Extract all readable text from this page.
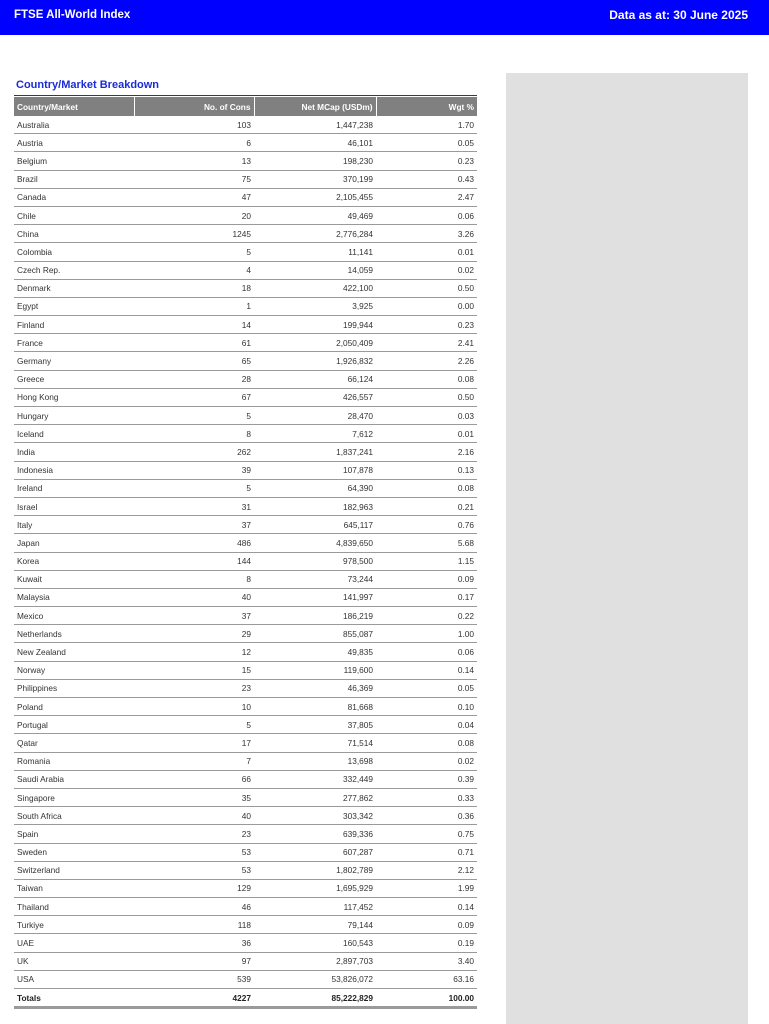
FTSE All-World Index	Data as at: 30 June 2025
Country/Market Breakdown
Country/Market	No. of Cons	Net MCap (USDm)	Wgt %
Australia	103	1,447,238	1.70
Austria	6	46,101	0.05
Belgium	13	198,230	0.23
Brazil	75	370,199	0.43
Canada	47	2,105,455	2.47
Chile	20	49,469	0.06
China	1245	2,776,284	3.26
Colombia	5	11,141	0.01
Czech Rep.	4	14,059	0.02
Denmark	18	422,100	0.50
Egypt	1	3,925	0.00
Finland	14	199,944	0.23
France	61	2,050,409	2.41
Germany	65	1,926,832	2.26
Greece	28	66,124	0.08
Hong Kong	67	426,557	0.50
Hungary	5	28,470	0.03
Iceland	8	7,612	0.01
India	262	1,837,241	2.16
Indonesia	39	107,878	0.13
Ireland	5	64,390	0.08
Israel	31	182,963	0.21
Italy	37	645,117	0.76
Japan	486	4,839,650	5.68
Korea	144	978,500	1.15
Kuwait	8	73,244	0.09
Malaysia	40	141,997	0.17
Mexico	37	186,219	0.22
Netherlands	29	855,087	1.00
New Zealand	12	49,835	0.06
Norway	15	119,600	0.14
Philippines	23	46,369	0.05
Poland	10	81,668	0.10
Portugal	5	37,805	0.04
Qatar	17	71,514	0.08
Romania	7	13,698	0.02
Saudi Arabia	66	332,449	0.39
Singapore	35	277,862	0.33
South Africa	40	303,342	0.36
Spain	23	639,336	0.75
Sweden	53	607,287	0.71
Switzerland	53	1,802,789	2.12
Taiwan	129	1,695,929	1.99
Thailand	46	117,452	0.14
Turkiye	118	79,144	0.09
UAE	36	160,543	0.19
UK	97	2,897,703	3.40
USA	539	53,826,072	63.16
Totals	4227	85,222,829	100.00
